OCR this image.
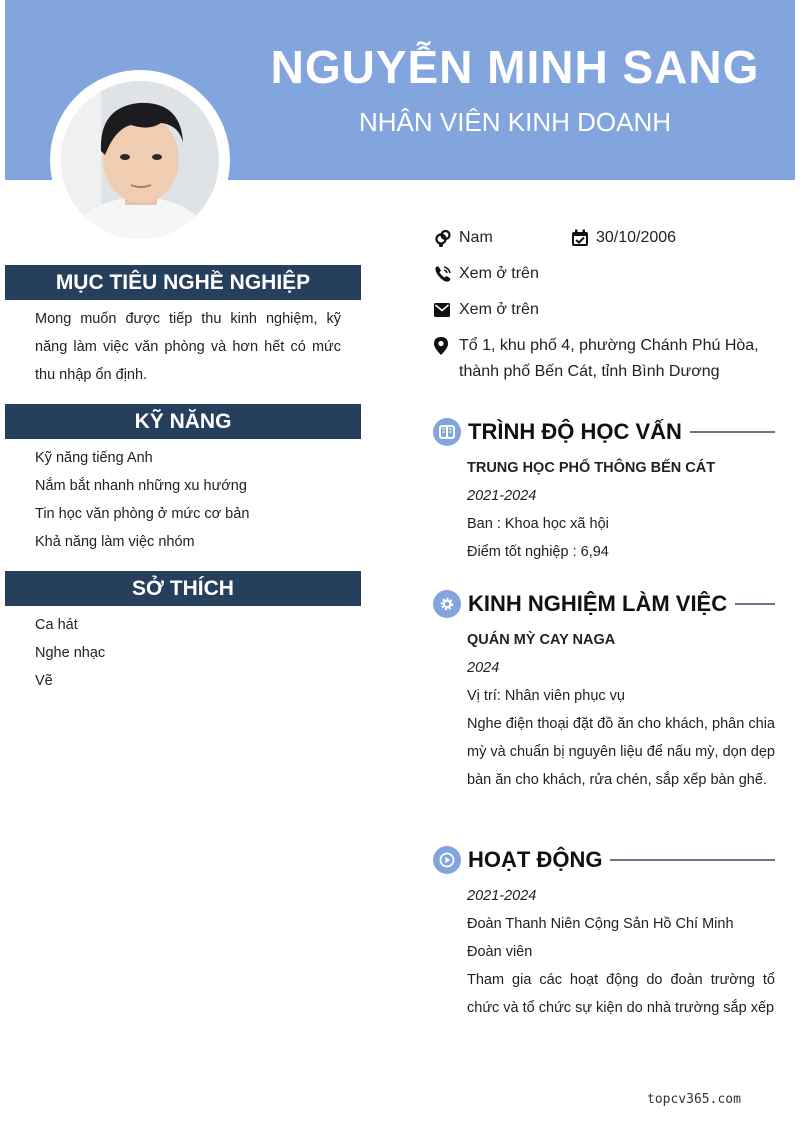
NGUYỄN MINH SANG
NHÂN VIÊN KINH DOANH
MỤC TIÊU NGHỀ NGHIỆP
Mong muốn được tiếp thu kinh nghiệm, kỹ năng làm việc văn phòng và hơn hết có mức thu nhập ổn định.
KỸ NĂNG
Kỹ năng tiếng Anh
Nắm bắt nhanh những xu hướng
Tin học văn phòng ở mức cơ bản
Khả năng làm việc nhóm
SỞ THÍCH
Ca hát
Nghe nhạc
Vẽ
Nam	30/10/2006
Xem ở trên
Xem ở trên
Tổ 1, khu phố 4, phường Chánh Phú Hòa,
thành phố Bến Cát, tỉnh Bình Dương
TRÌNH ĐỘ HỌC VẤN
TRUNG HỌC PHỔ THÔNG BẾN CÁT
2021-2024
Ban : Khoa học xã hội
Điểm tốt nghiệp : 6,94
KINH NGHIỆM LÀM VIỆC
QUÁN MỲ CAY NAGA
2024
Vị trí: Nhân viên phục vụ
Nghe điện thoại đặt đồ ăn cho khách, phân chia mỳ và chuẩn bị nguyên liệu để nấu mỳ, dọn dẹp bàn ăn cho khách, rửa chén, sắp xếp bàn ghế.
HOẠT ĐỘNG
2021-2024
Đoàn Thanh Niên Cộng Sản Hồ Chí Minh
Đoàn viên
Tham gia các hoạt động do đoàn trường tổ chức và tổ chức sự kiện do nhà trường sắp xếp
topcv365.com
